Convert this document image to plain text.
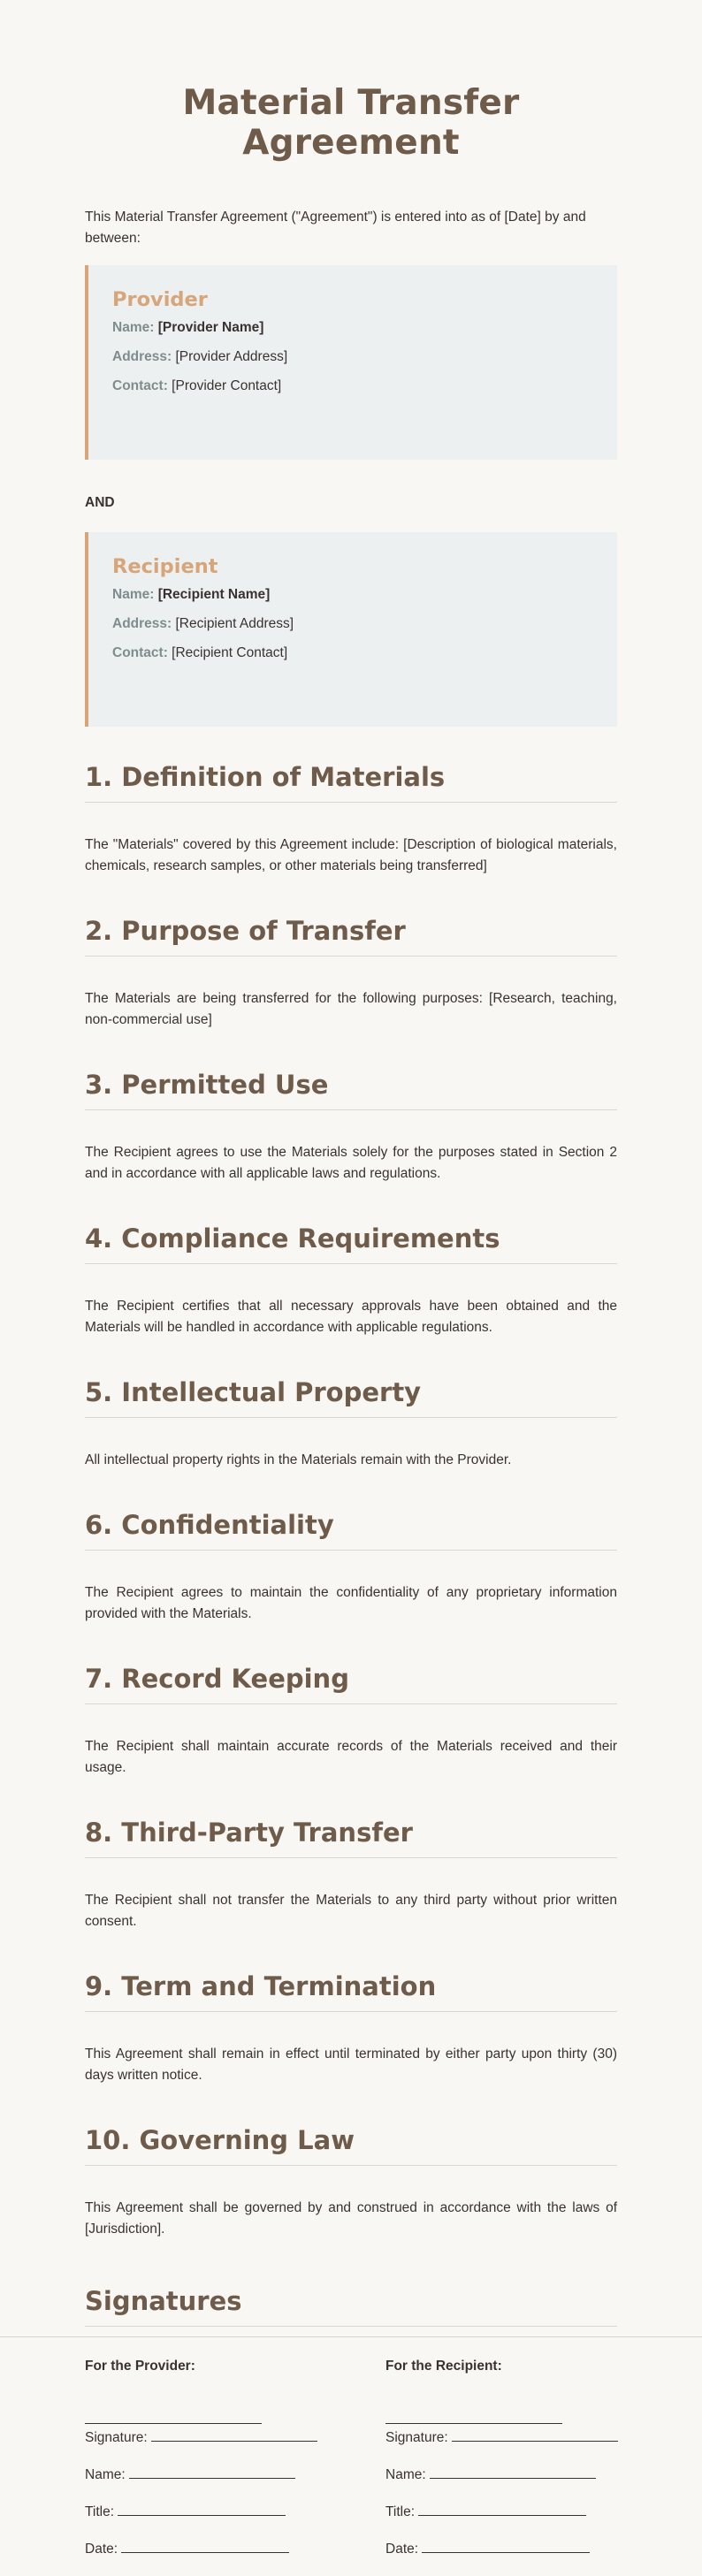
Material Transfer Agreement

This Material Transfer Agreement ("Agreement") is entered into as of [Date] by and between:

Provider
Name: [Provider Name]
Address: [Provider Address]
Contact: [Provider Contact]
AND
Recipient
Name: [Recipient Name]
Address: [Recipient Address]
Contact: [Recipient Contact]
1. Definition of Materials

The "Materials" covered by this Agreement include: [Description of biological materials, chemicals, research samples, or other materials being transferred]

2. Purpose of Transfer

The Materials are being transferred for the following purposes: [Research, teaching, non-commercial use]

3. Permitted Use

The Recipient agrees to use the Materials solely for the purposes stated in Section 2 and in accordance with all applicable laws and regulations.

4. Compliance Requirements

The Recipient certifies that all necessary approvals have been obtained and the Materials will be handled in accordance with applicable regulations.

5. Intellectual Property

All intellectual property rights in the Materials remain with the Provider.

6. Confidentiality

The Recipient agrees to maintain the confidentiality of any proprietary information provided with the Materials.

7. Record Keeping

The Recipient shall maintain accurate records of the Materials received and their usage.

8. Third-Party Transfer

The Recipient shall not transfer the Materials to any third party without prior written consent.

9. Term and Termination

This Agreement shall remain in effect until terminated by either party upon thirty (30) days written notice.

10. Governing Law

This Agreement shall be governed by and construed in accordance with the laws of [Jurisdiction].

Signatures
For the Provider:
Signature:
Name:
Title:
Date:
For the Recipient:
Signature:
Name:
Title:
Date:
